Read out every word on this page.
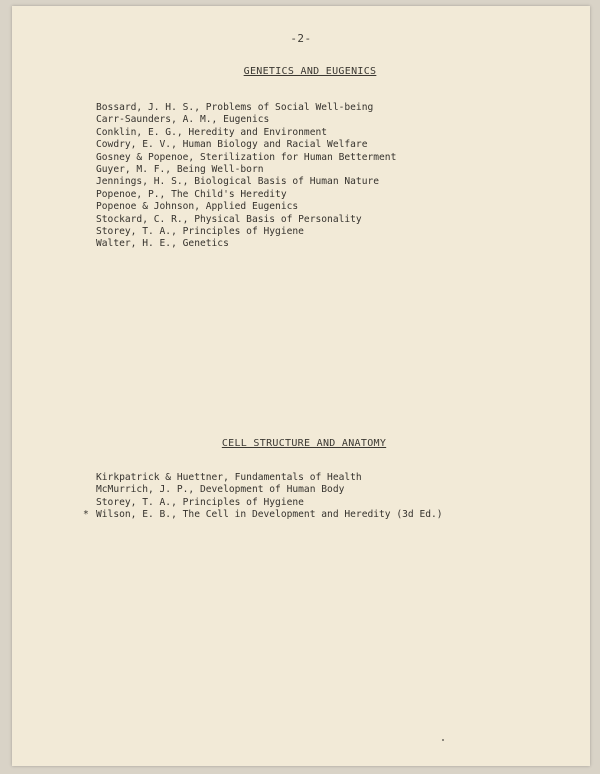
-2-
GENETICS AND EUGENICS
Bossard, J. H. S., Problems of Social Well-being
Carr-Saunders, A. M., Eugenics
Conklin, E. G., Heredity and Environment
Cowdry, E. V., Human Biology and Racial Welfare
Gosney & Popenoe, Sterilization for Human Betterment
Guyer, M. F., Being Well-born
Jennings, H. S., Biological Basis of Human Nature
Popenoe, P., The Child's Heredity
Popenoe & Johnson, Applied Eugenics
Stockard, C. R., Physical Basis of Personality
Storey, T. A., Principles of Hygiene
Walter, H. E., Genetics
CELL STRUCTURE AND ANATOMY
Kirkpatrick & Huettner, Fundamentals of Health
McMurrich, J. P., Development of Human Body
Storey, T. A., Principles of Hygiene
* Wilson, E. B., The Cell in Development and Heredity (3d Ed.)
